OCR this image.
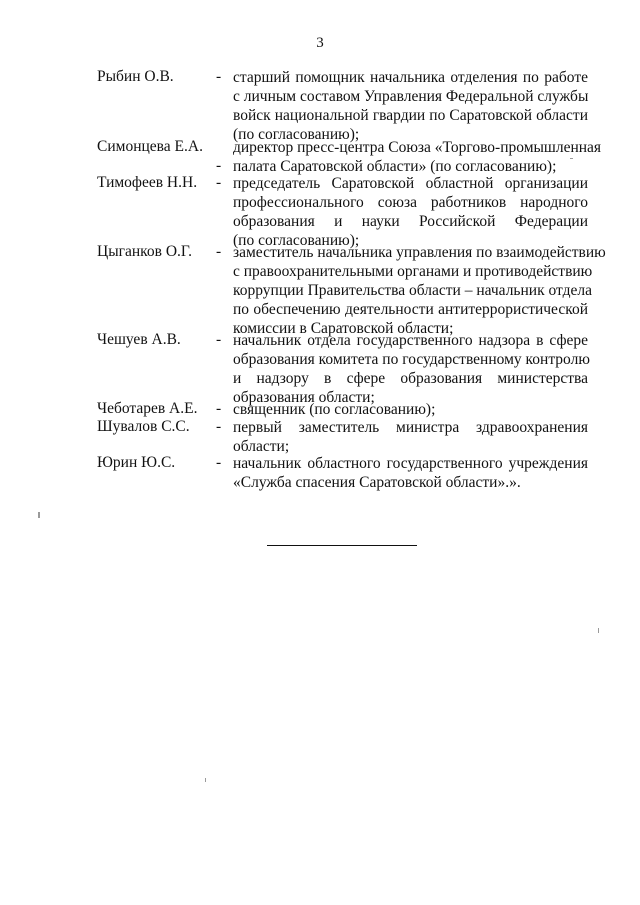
3
Рыбин О.В.	- старший помощник начальника отделения по работе
с личным составом Управления Федеральной службы
войск национальной гвардии по Саратовской области
(по согласованию);
Симонцева Е.А.
-
директор пресс-центра Союза «Торгово-промышленная
палата Саратовской области» (по согласованию);
Тимофеев Н.Н. - председатель Саратовской областной организации
профессионального союза работников народного
образования и науки Российской Федерации
(по согласованию);
Цыганков О.Г. - заместитель начальника управления по взаимодействию
с правоохранительными органами и противодействию
коррупции Правительства области – начальник отдела
по обеспечению деятельности антитеррористической
комиссии в Саратовской области;
Чешуев А.В. - начальник отдела государственного надзора в сфере
образования комитета по государственному контролю
и надзору в сфере образования министерства
образования области;
Чеботарев А.Е. - священник (по согласованию);
Шувалов С.С. - первый заместитель министра здравоохранения
области;
Юрин Ю.С.	- начальник областного государственного учреждения
«Служба спасения Саратовской области».».
